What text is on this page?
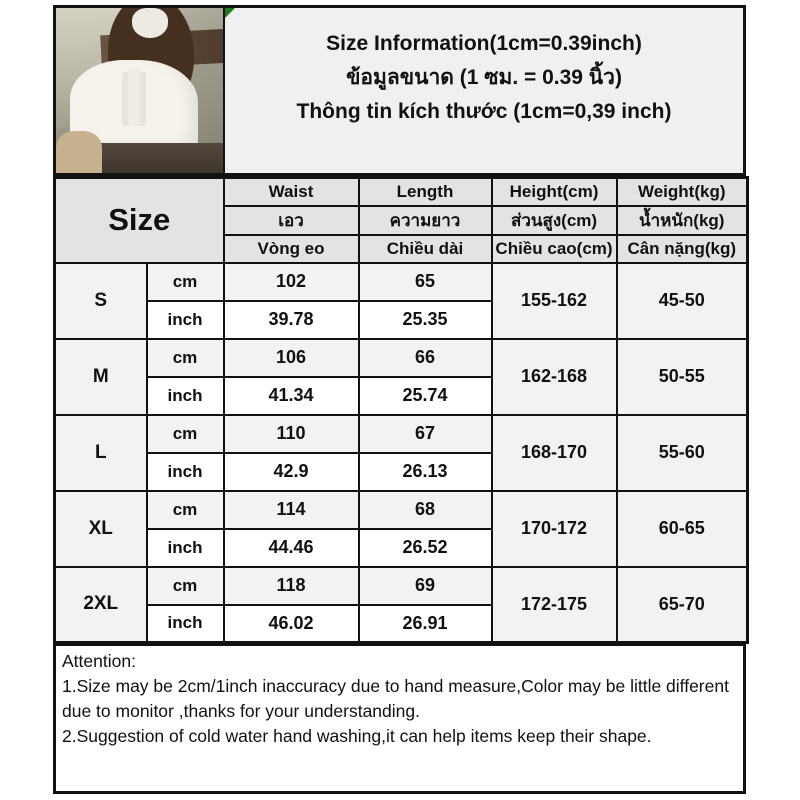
Size Information(1cm=0.39inch)
ข้อมูลขนาด (1 ซม. = 0.39 นิ้ว)
Thông tin kích thước (1cm=0,39 inch)
Size		Waist	Length	Height(cm)	Weight(kg)
		เอว	ความยาว	ส่วนสูง(cm)	น้ำหนัก(kg)
		Vòng eo	Chiều dài	Chiều cao(cm)	Cân nặng(kg)
S	cm	102	65	155-162	45-50
	inch	39.78	25.35		
M	cm	106	66	162-168	50-55
	inch	41.34	25.74		
L	cm	110	67	168-170	55-60
	inch	42.9	26.13		
XL	cm	114	68	170-172	60-65
	inch	44.46	26.52		
2XL	cm	118	69	172-175	65-70
	inch	46.02	26.91		
Attention:
1.Size may be 2cm/1inch inaccuracy due to hand measure,Color may be little different due to monitor ,thanks for your understanding.
2.Suggestion of cold water hand washing,it can help items keep their shape.
